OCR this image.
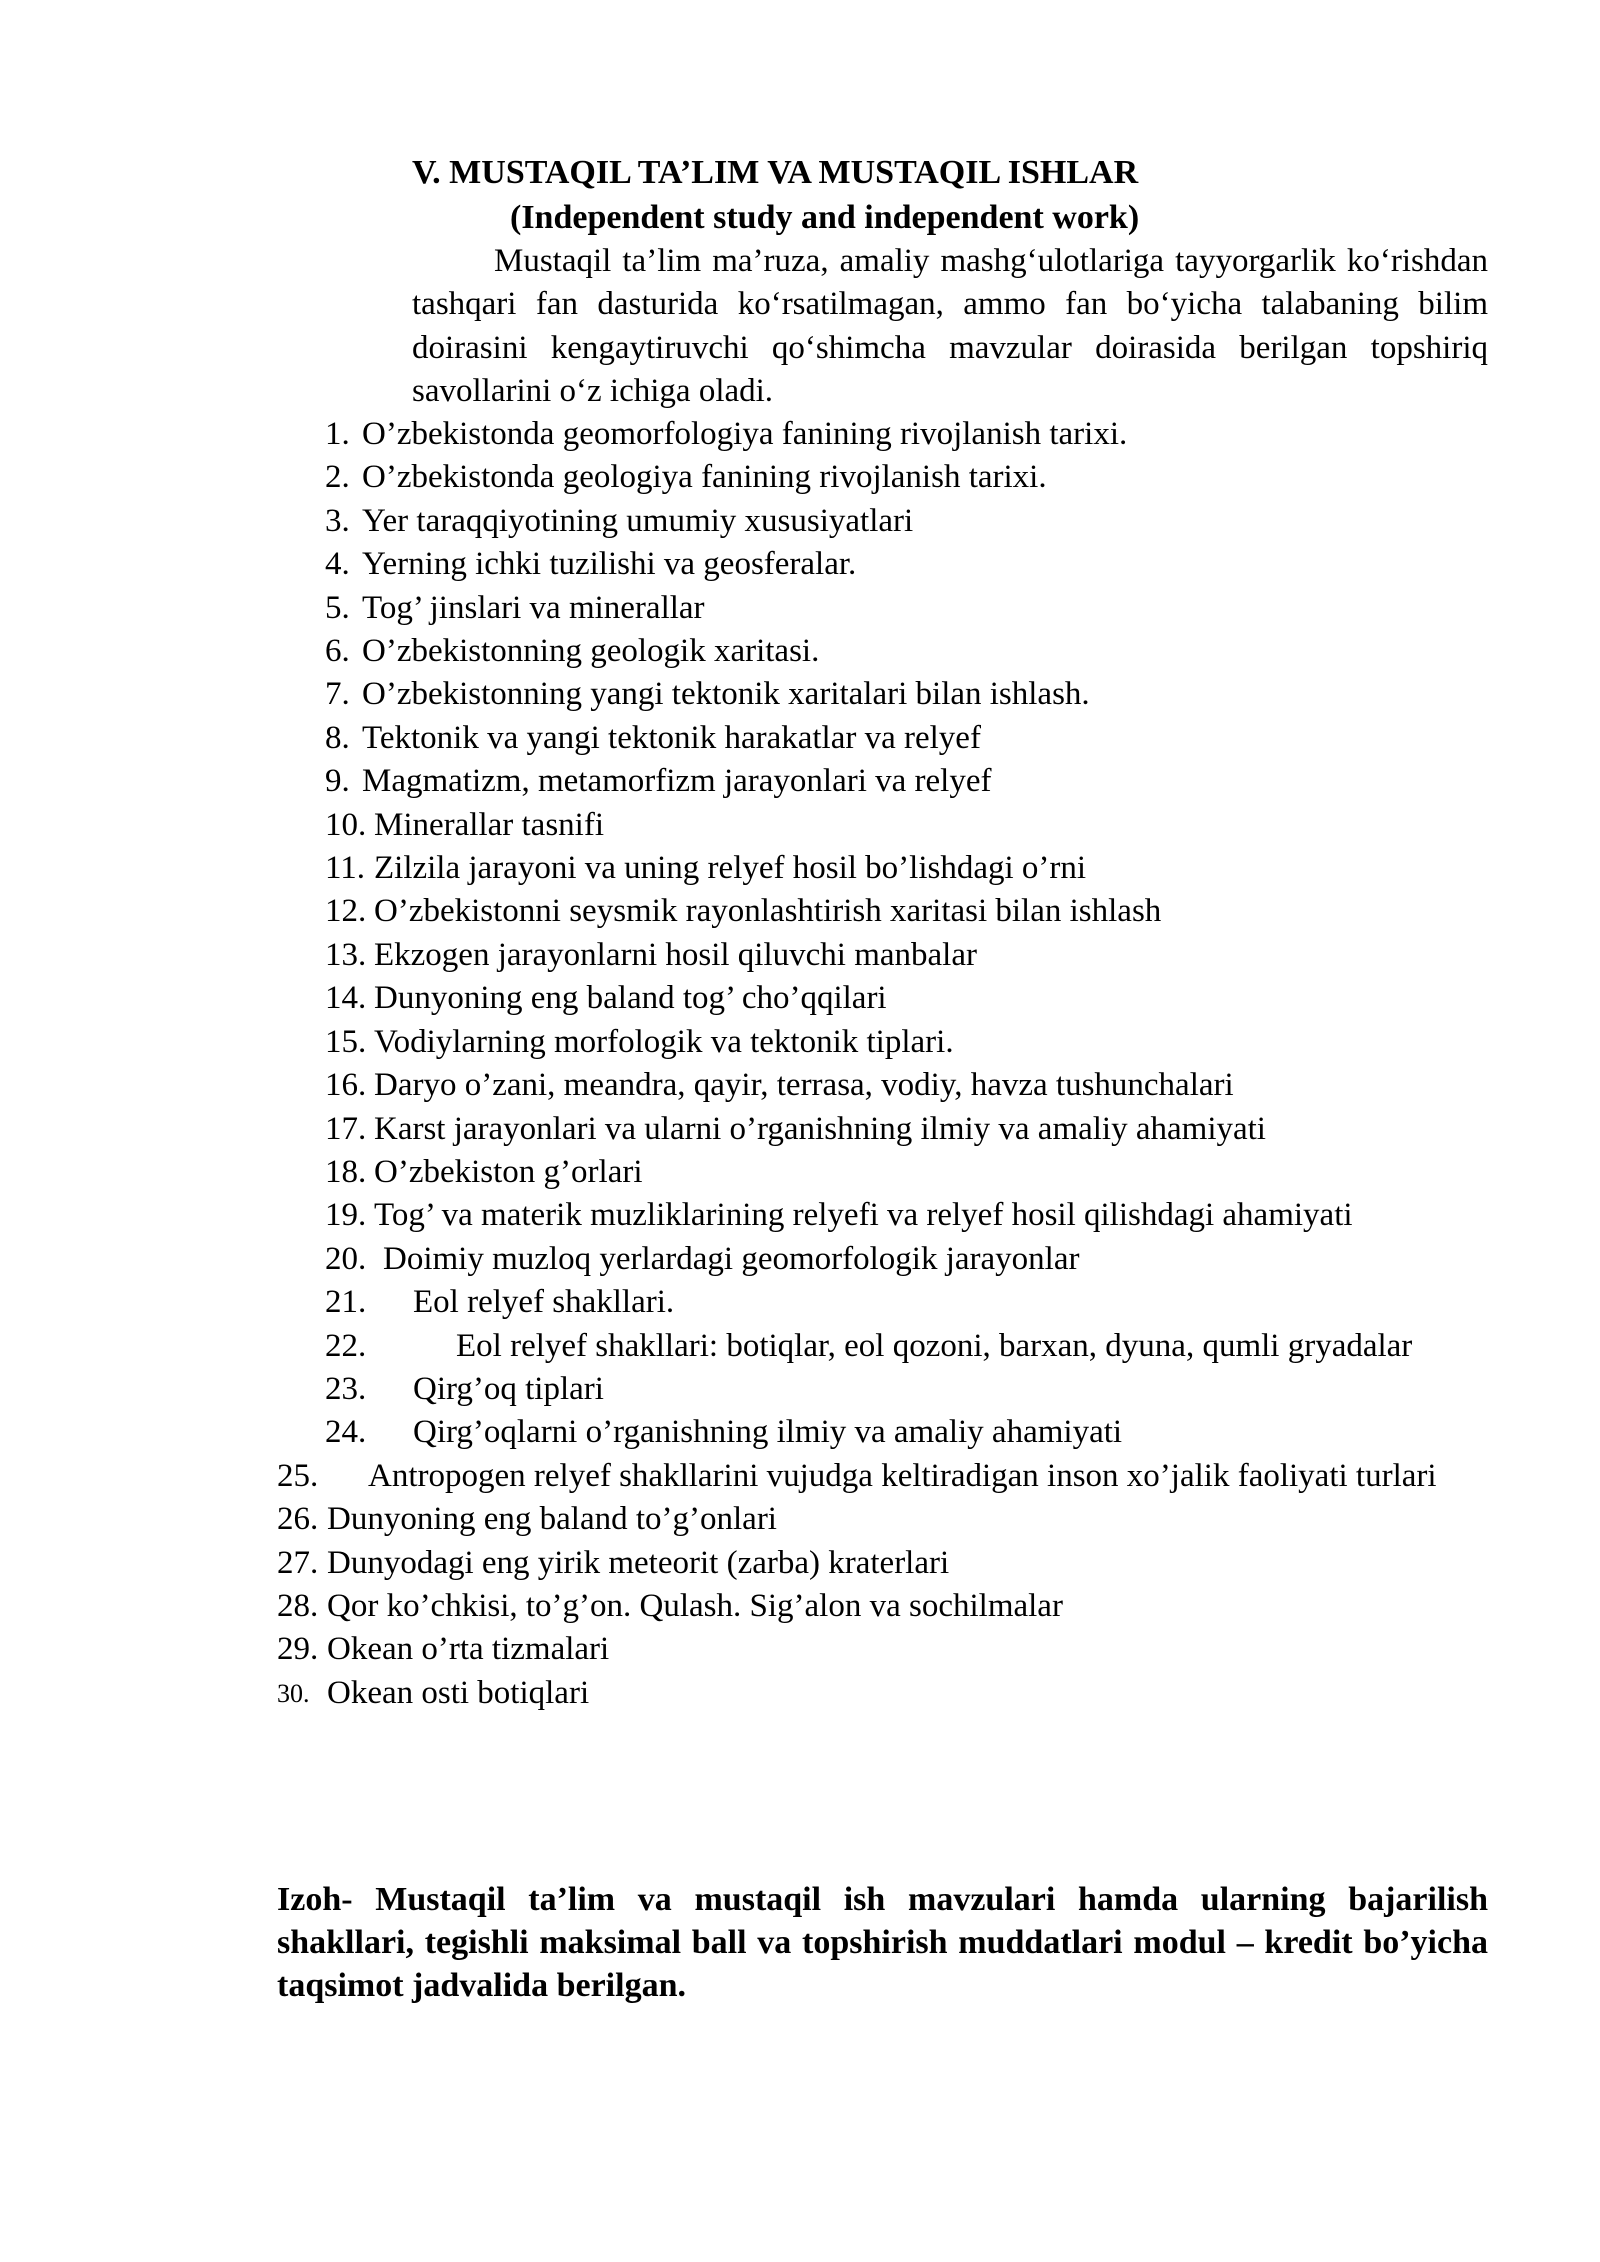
V. MUSTAQIL TA’LIM VA MUSTAQIL ISHLAR
(Independent study and independent work)

Mustaqil ta’lim ma’ruza, amaliy mashg‘ulotlariga tayyorgarlik ko‘rishdan tashqari fan dasturida ko‘rsatilmagan, ammo fan bo‘yicha talabaning bilim doirasini kengaytiruvchi qo‘shimcha mavzular doirasida berilgan topshiriq savollarini o‘z ichiga oladi.

1. O’zbekistonda geomorfologiya fanining rivojlanish tarixi.
2. O’zbekistonda geologiya fanining rivojlanish tarixi.
3. Yer taraqqiyotining umumiy xususiyatlari
4. Yerning ichki tuzilishi va geosferalar.
5. Tog’ jinslari va minerallar
6. O’zbekistonning geologik xaritasi.
7. O’zbekistonning yangi tektonik xaritalari bilan ishlash.
8. Tektonik va yangi tektonik harakatlar va relyef
9. Magmatizm, metamorfizm jarayonlari va relyef
10. Minerallar tasnifi
11. Zilzila jarayoni va uning relyef hosil bo’lishdagi o’rni
12. O’zbekistonni seysmik rayonlashtirish xaritasi bilan ishlash
13. Ekzogen jarayonlarni hosil qiluvchi manbalar
14. Dunyoning eng baland tog’ cho’qqilari
15. Vodiylarning morfologik va tektonik tiplari.
16. Daryo o’zani, meandra, qayir, terrasa, vodiy, havza tushunchalari
17. Karst jarayonlari va ularni o’rganishning ilmiy va amaliy ahamiyati
18. O’zbekiston g’orlari
19. Tog’ va materik muzliklarining relyefi va relyef hosil qilishdagi ahamiyati
20. Doimiy muzloq yerlardagi geomorfologik jarayonlar
21. Eol relyef shakllari.
22.	Eol relyef shakllari: botiqlar, eol qozoni, barxan, dyuna, qumli gryadalar
23. Qirg’oq tiplari
24. Qirg’oqlarni o’rganishning ilmiy va amaliy ahamiyati
25.	Antropogen relyef shakllarini vujudga keltiradigan inson xo’jalik faoliyati turlari
26. Dunyoning eng baland to’g’onlari
27. Dunyodagi eng yirik meteorit (zarba) kraterlari
28. Qor ko’chkisi, to’g’on. Qulash. Sig’alon va sochilmalar
29. Okean o’rta tizmalari
30. Okean osti botiqlari

Izoh- Mustaqil ta’lim va mustaqil ish mavzulari hamda ularning bajarilish shakllari, tegishli maksimal ball va topshirish muddatlari modul – kredit bo’yicha taqsimot jadvalida berilgan.
